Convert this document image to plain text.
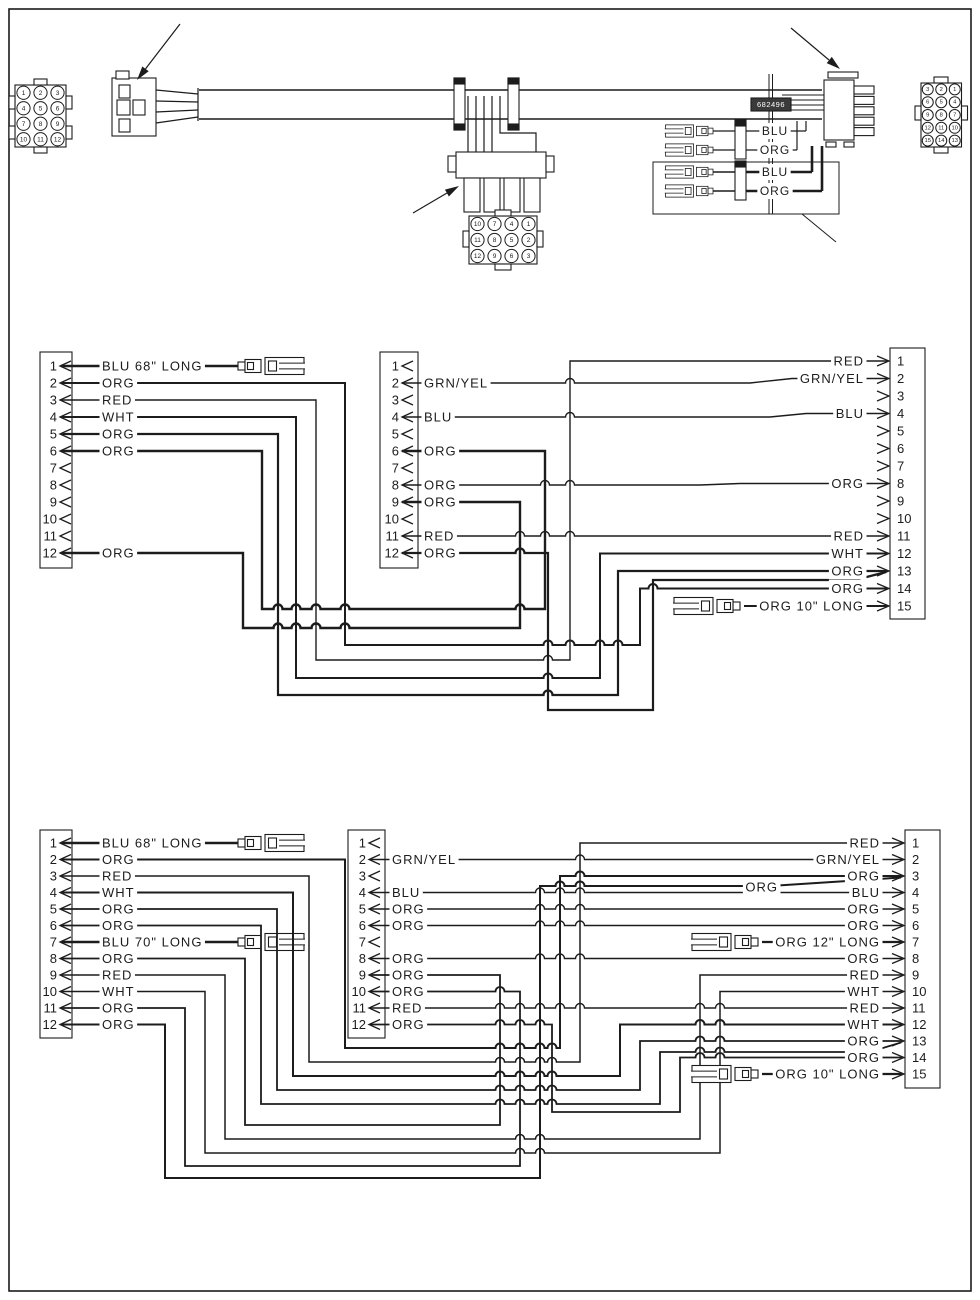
682496
BLU
ORG
BLU
ORG
1 2 3
4 5 6
7 8 9
10 11 12
10 7 4 1
11 8 5 2
12 9 6 3
3 2 1
6 5 4
9 8 7
12 11 10
15 14 13
1
2
3
4
5
6
7
8
9
10
11
12
1
2
3
4
5
6
7
8
9
10
11
12
1
2
3
4
5
6
7
8
9
10
11
12
13
14
15
BLU 68" LONG
ORG
RED
WHT
ORG
ORG
ORG
GRN/YEL
BLU
ORG
ORG
ORG
RED
ORG
RED
GRN/YEL
BLU
ORG
RED
WHT
ORG
ORG
ORG 10" LONG
1
2
3
4
5
6
7
8
9
10
11
12
1
2
3
4
5
6
7
8
9
10
11
12
1
2
3
4
5
6
7
8
9
10
11
12
13
14
15
BLU 68" LONG
ORG
RED
WHT
ORG
ORG
BLU 70" LONG
ORG
RED
WHT
ORG
ORG
GRN/YEL
BLU
ORG
ORG
ORG
ORG
ORG
RED
ORG
RED
GRN/YEL
ORG
ORG	BLU
ORG
ORG
ORG 12" LONG
ORG
RED
WHT
RED
WHT
ORG
ORG
ORG 10" LONG
